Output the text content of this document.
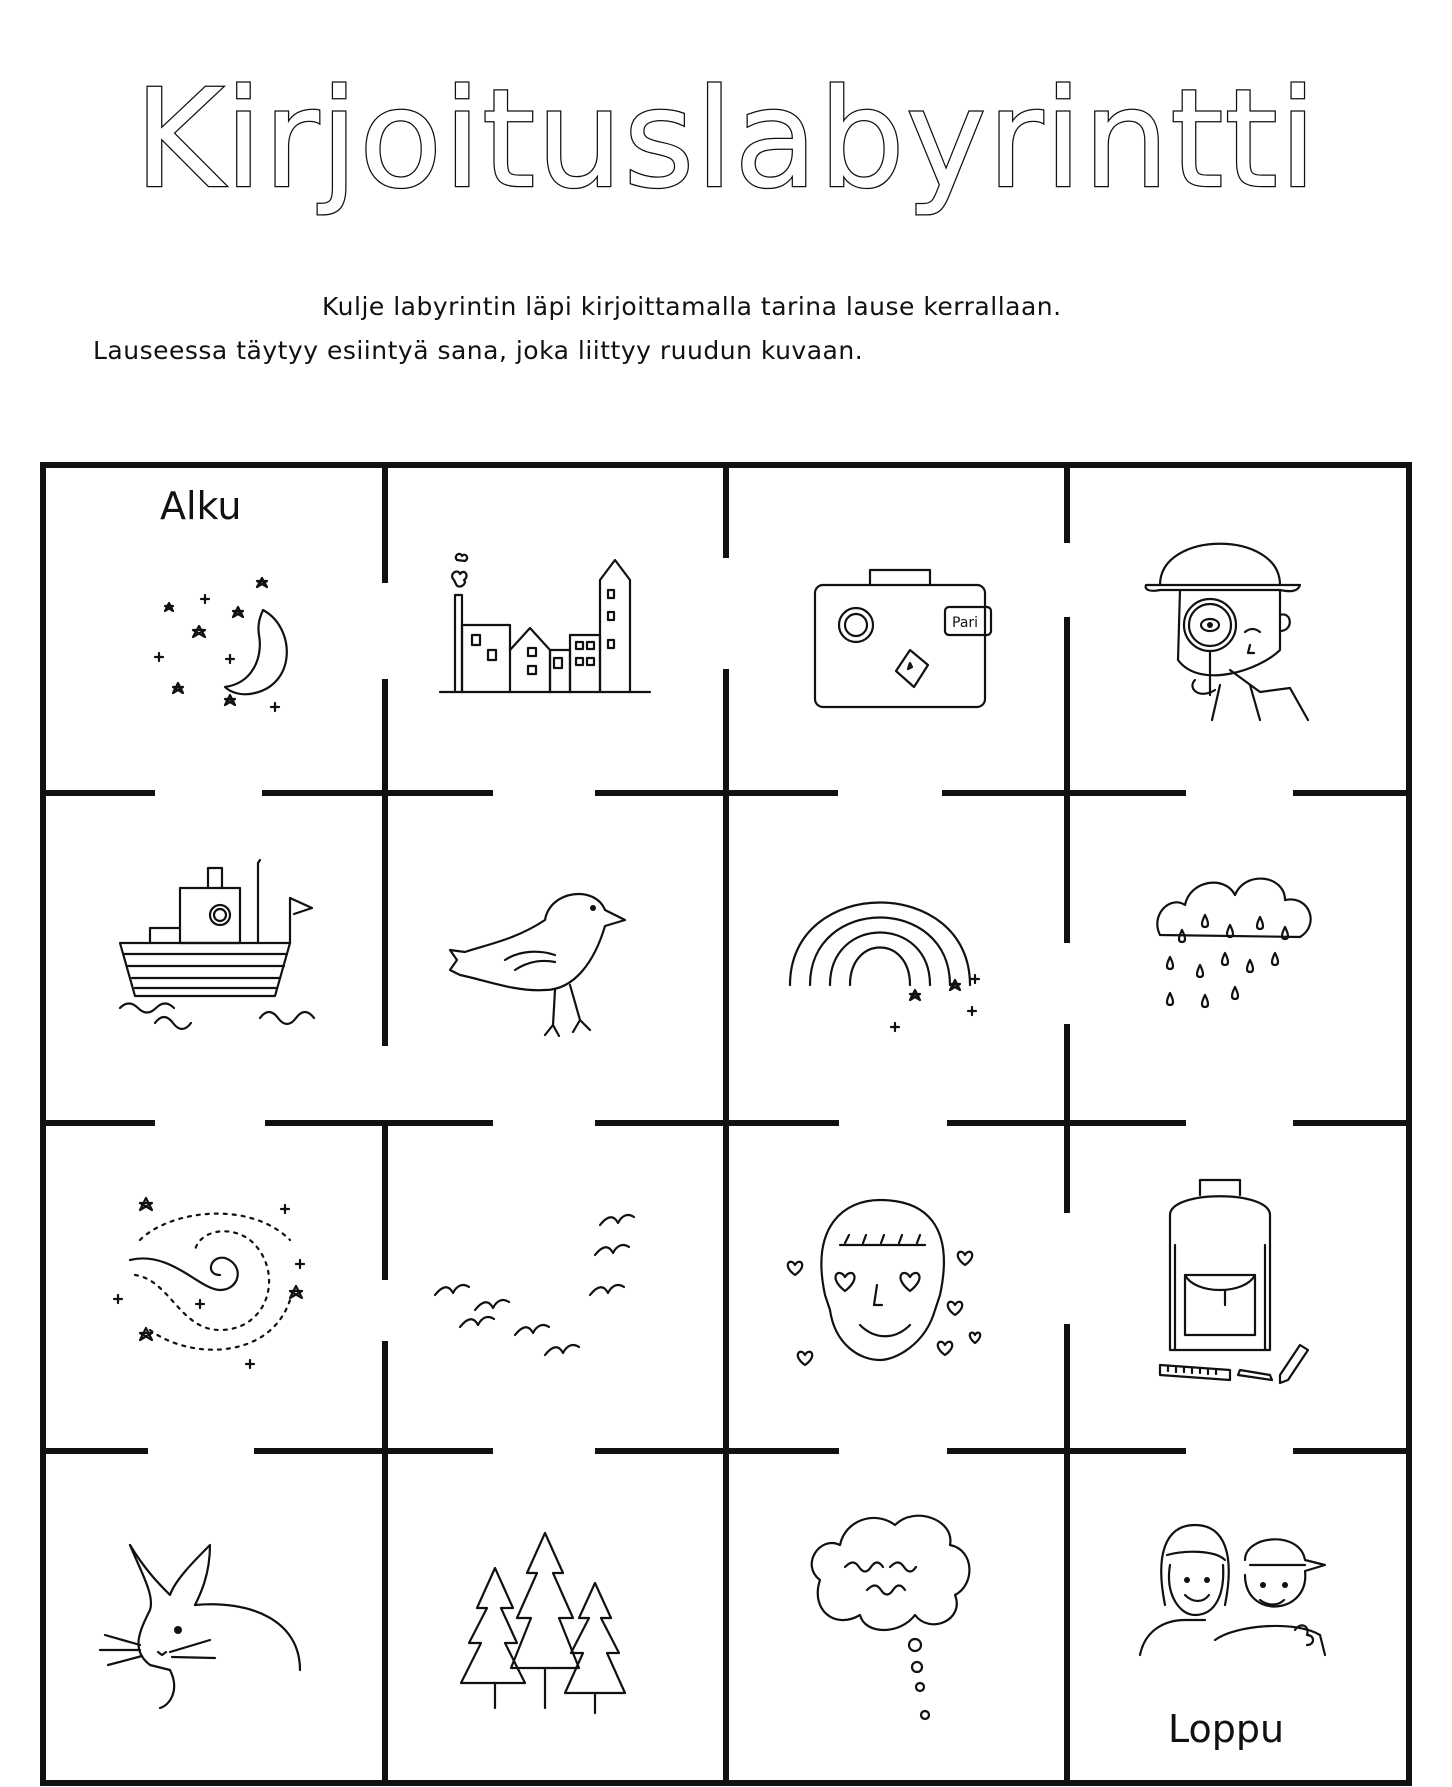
Kirjoituslabyrintti
Kulje labyrintin läpi kirjoittamalla tarina lause kerrallaan.
Lauseessa täytyy esiintyä sana, joka liittyy ruudun kuvaan.
Alku
Loppu
Pari
